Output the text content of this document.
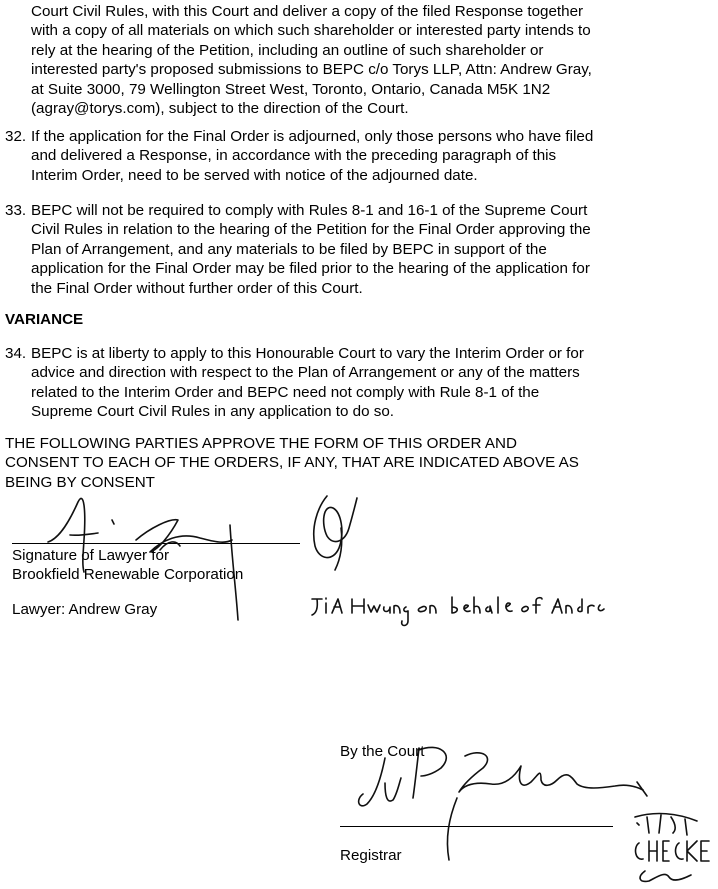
Court Civil Rules, with this Court and deliver a copy of the filed Response together
with a copy of all materials on which such shareholder or interested party intends to
rely at the hearing of the Petition, including an outline of such shareholder or
interested party's proposed submissions to BEPC c/o Torys LLP, Attn: Andrew Gray,
at Suite 3000, 79 Wellington Street West, Toronto, Ontario, Canada M5K 1N2
(agray@torys.com), subject to the direction of the Court.
32. If the application for the Final Order is adjourned, only those persons who have filed
and delivered a Response, in accordance with the preceding paragraph of this
Interim Order, need to be served with notice of the adjourned date.
33. BEPC will not be required to comply with Rules 8-1 and 16-1 of the Supreme Court
Civil Rules in relation to the hearing of the Petition for the Final Order approving the
Plan of Arrangement, and any materials to be filed by BEPC in support of the
application for the Final Order may be filed prior to the hearing of the application for
the Final Order without further order of this Court.
VARIANCE
34. BEPC is at liberty to apply to this Honourable Court to vary the Interim Order or for
advice and direction with respect to the Plan of Arrangement or any of the matters
related to the Interim Order and BEPC need not comply with Rule 8-1 of the
Supreme Court Civil Rules in any application to do so.
THE FOLLOWING PARTIES APPROVE THE FORM OF THIS ORDER AND
CONSENT TO EACH OF THE ORDERS, IF ANY, THAT ARE INDICATED ABOVE AS
BEING BY CONSENT
Signature of Lawyer for
Brookfield Renewable Corporation
Lawyer: Andrew Gray
By the Court
Registrar
